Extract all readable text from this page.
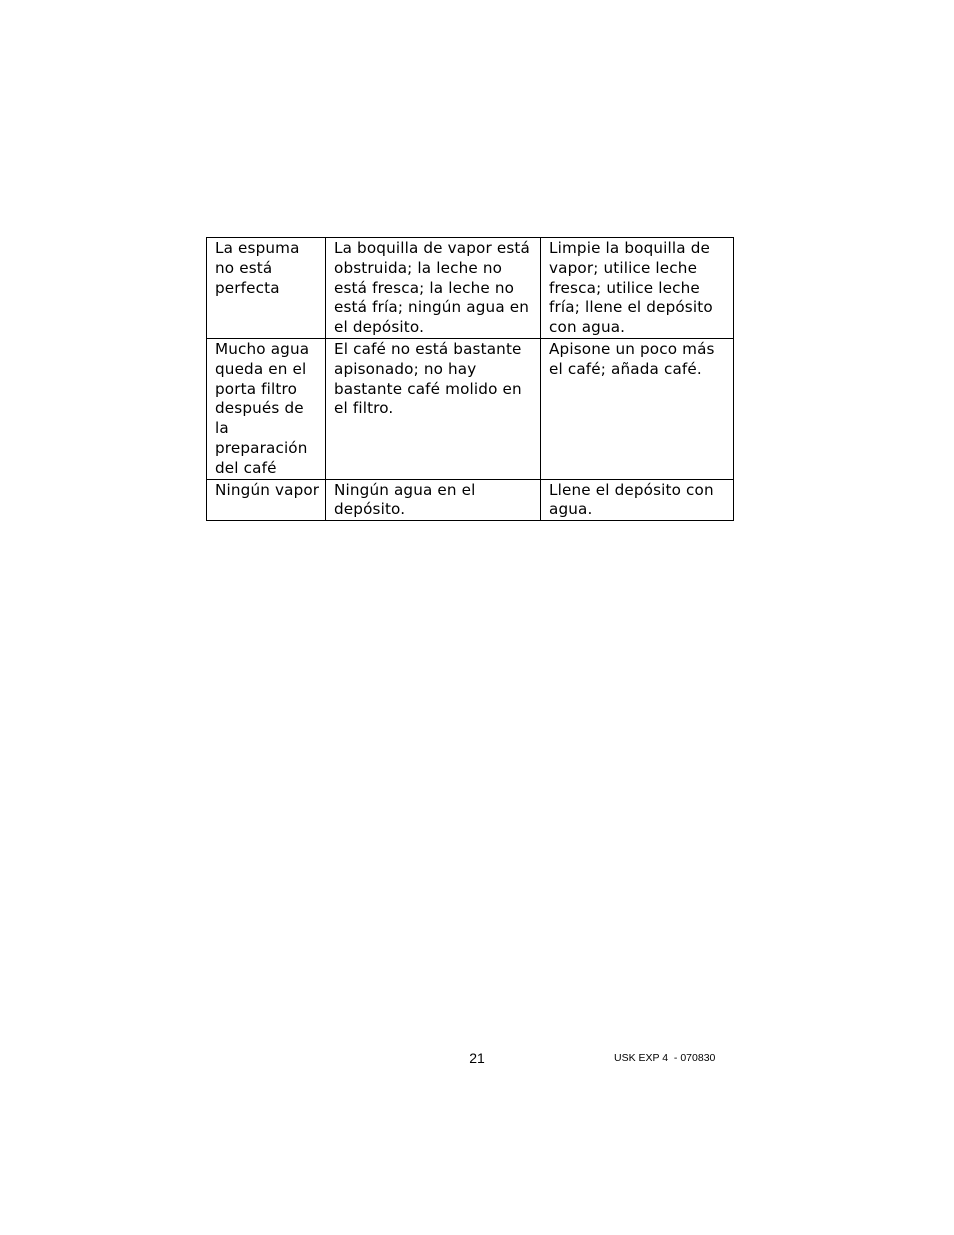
La espuma no está perfecta	La boquilla de vapor está obstruida; la leche no está fresca; la leche no está fría; ningún agua en el depósito.	Limpie la boquilla de vapor; utilice leche fresca; utilice leche fría; llene el depósito con agua.
Mucho agua queda en el porta filtro después de la preparación del café	El café no está bastante apisonado; no hay bastante café molido en el filtro.	Apisone un poco más el café; añada café.
Ningún vapor	Ningún agua en el depósito.	Llene el depósito con agua.
21	USK EXP 4  - 070830
